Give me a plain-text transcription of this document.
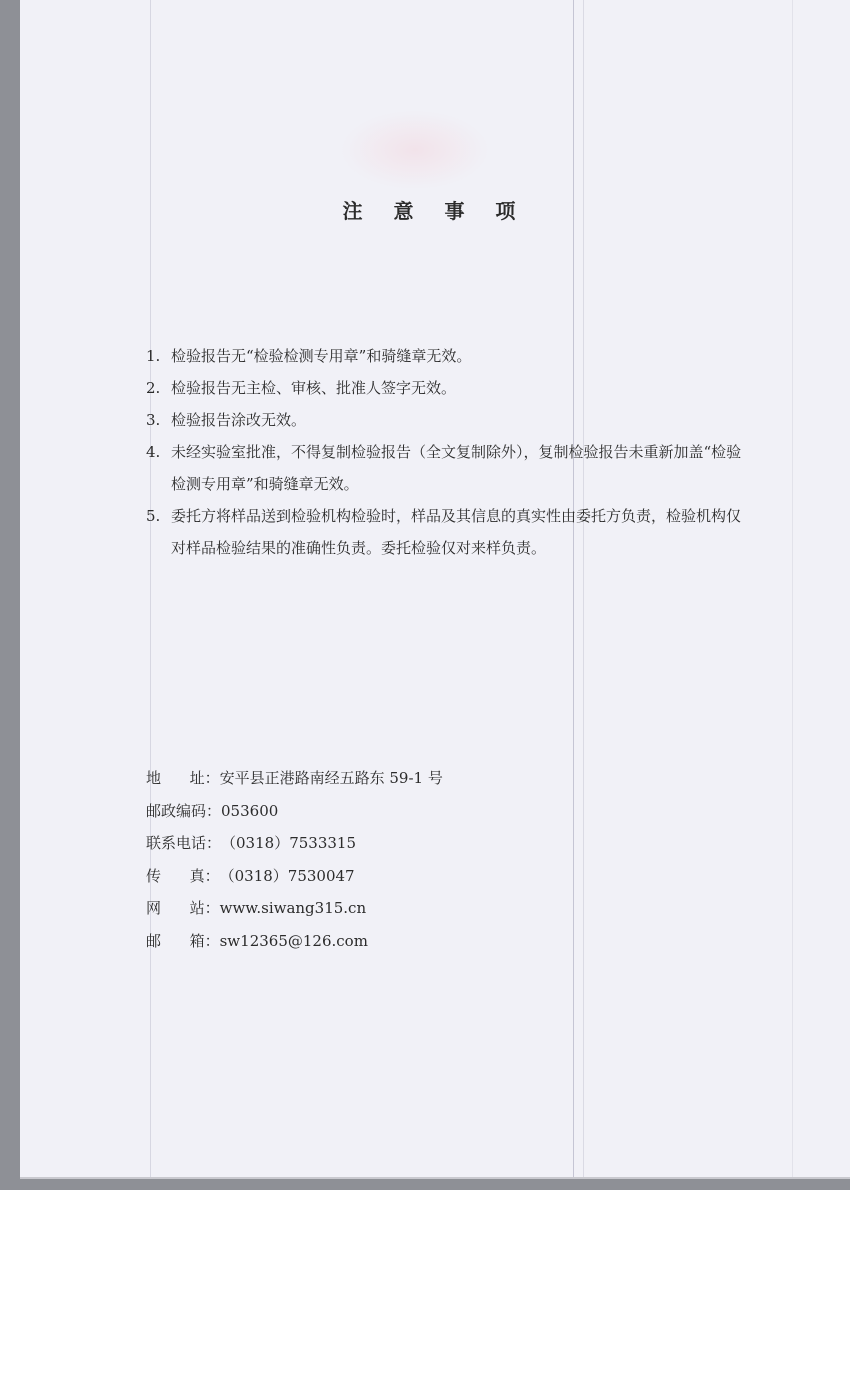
注 意 事 项
1. 检验报告无“检验检测专用章”和骑缝章无效。
2. 检验报告无主检、审核、批准人签字无效。
3. 检验报告涂改无效。
4. 未经实验室批准，不得复制检验报告（全文复制除外），复制检验报告未重新加盖“检验检测专用章”和骑缝章无效。
5. 委托方将样品送到检验机构检验时，样品及其信息的真实性由委托方负责，检验机构仅对样品检验结果的准确性负责。委托检验仅对来样负责。
地      址： 安平县正港路南经五路东 59-1 号
邮政编码： 053600
联系电话： （0318）7533315
传      真： （0318）7530047
网      站： www.siwang315.cn
邮      箱： sw12365@126.com
